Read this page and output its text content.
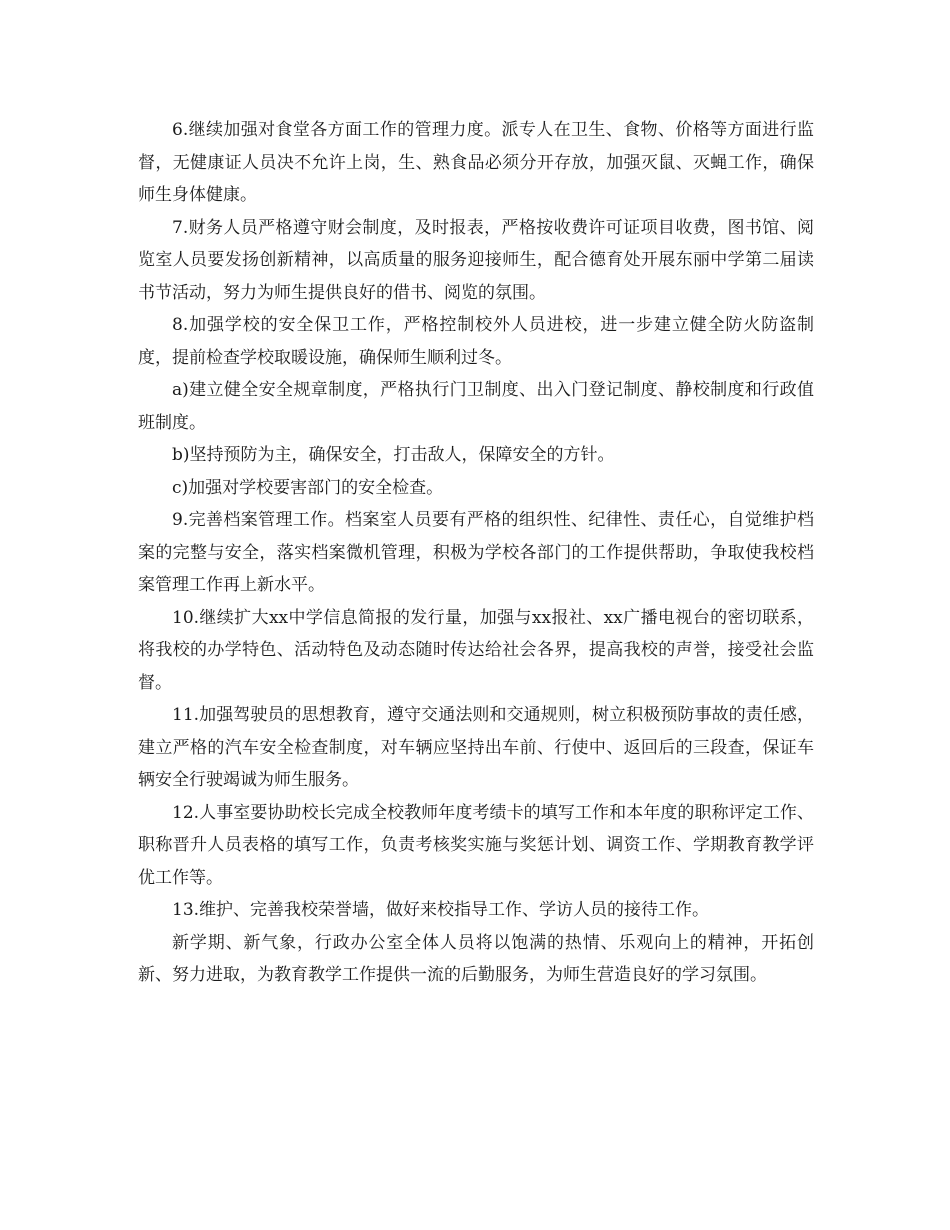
6.继续加强对食堂各方面工作的管理力度。派专人在卫生、食物、价格等方面进行监督，无健康证人员决不允许上岗，生、熟食品必须分开存放，加强灭鼠、灭蝇工作，确保师生身体健康。

7.财务人员严格遵守财会制度，及时报表，严格按收费许可证项目收费，图书馆、阅览室人员要发扬创新精神，以高质量的服务迎接师生，配合德育处开展东丽中学第二届读书节活动，努力为师生提供良好的借书、阅览的氛围。

8.加强学校的安全保卫工作，严格控制校外人员进校，进一步建立健全防火防盗制度，提前检查学校取暖设施，确保师生顺利过冬。

a)建立健全安全规章制度，严格执行门卫制度、出入门登记制度、静校制度和行政值班制度。

b)坚持预防为主，确保安全，打击敌人，保障安全的方针。

c)加强对学校要害部门的安全检查。

9.完善档案管理工作。档案室人员要有严格的组织性、纪律性、责任心，自觉维护档案的完整与安全，落实档案微机管理，积极为学校各部门的工作提供帮助，争取使我校档案管理工作再上新水平。

10.继续扩大xx中学信息简报的发行量，加强与xx报社、xx广播电视台的密切联系，将我校的办学特色、活动特色及动态随时传达给社会各界，提高我校的声誉，接受社会监督。

11.加强驾驶员的思想教育，遵守交通法则和交通规则，树立积极预防事故的责任感，建立严格的汽车安全检查制度，对车辆应坚持出车前、行使中、返回后的三段查，保证车辆安全行驶竭诚为师生服务。

12.人事室要协助校长完成全校教师年度考绩卡的填写工作和本年度的职称评定工作、职称晋升人员表格的填写工作，负责考核奖实施与奖惩计划、调资工作、学期教育教学评优工作等。

13.维护、完善我校荣誉墙，做好来校指导工作、学访人员的接待工作。

新学期、新气象，行政办公室全体人员将以饱满的热情、乐观向上的精神，开拓创新、努力进取，为教育教学工作提供一流的后勤服务，为师生营造良好的学习氛围。
